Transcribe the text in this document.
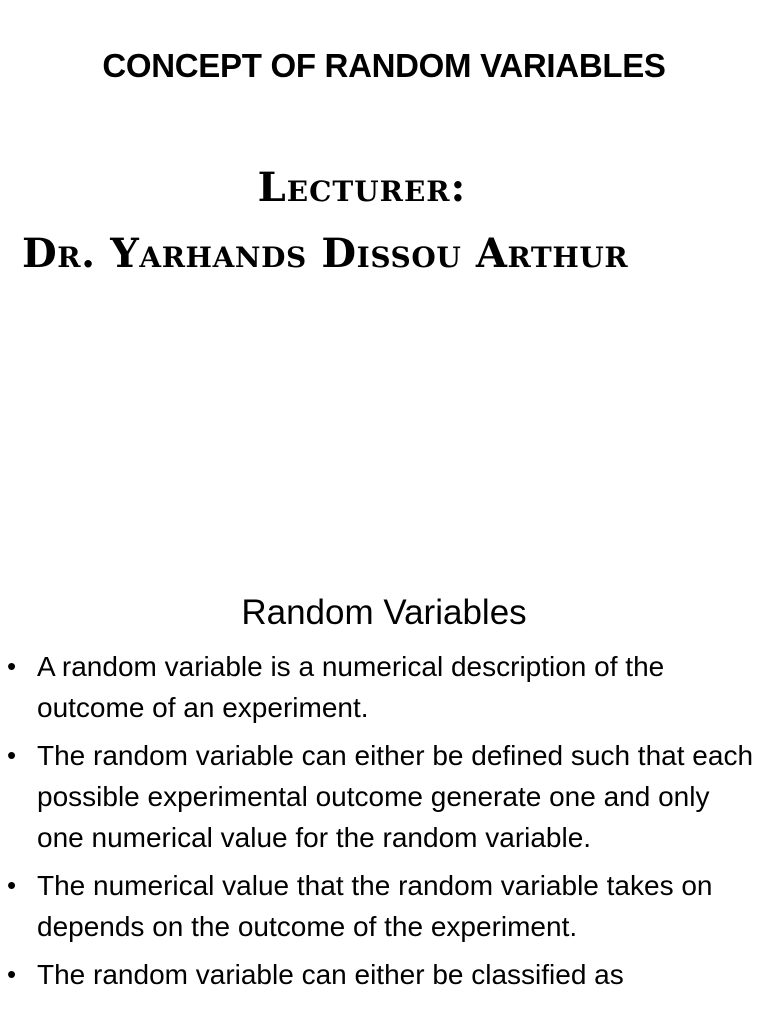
CONCEPT OF RANDOM VARIABLES
Lecturer:
Dr. Yarhands Dissou Arthur
Random Variables
• A random variable is a numerical description of the outcome of an experiment.
• The random variable can either be defined such that each possible experimental outcome generate one and only one numerical value for the random variable.
• The numerical value that the random variable takes on depends on the outcome of the experiment.
• The random variable can either be classified as
